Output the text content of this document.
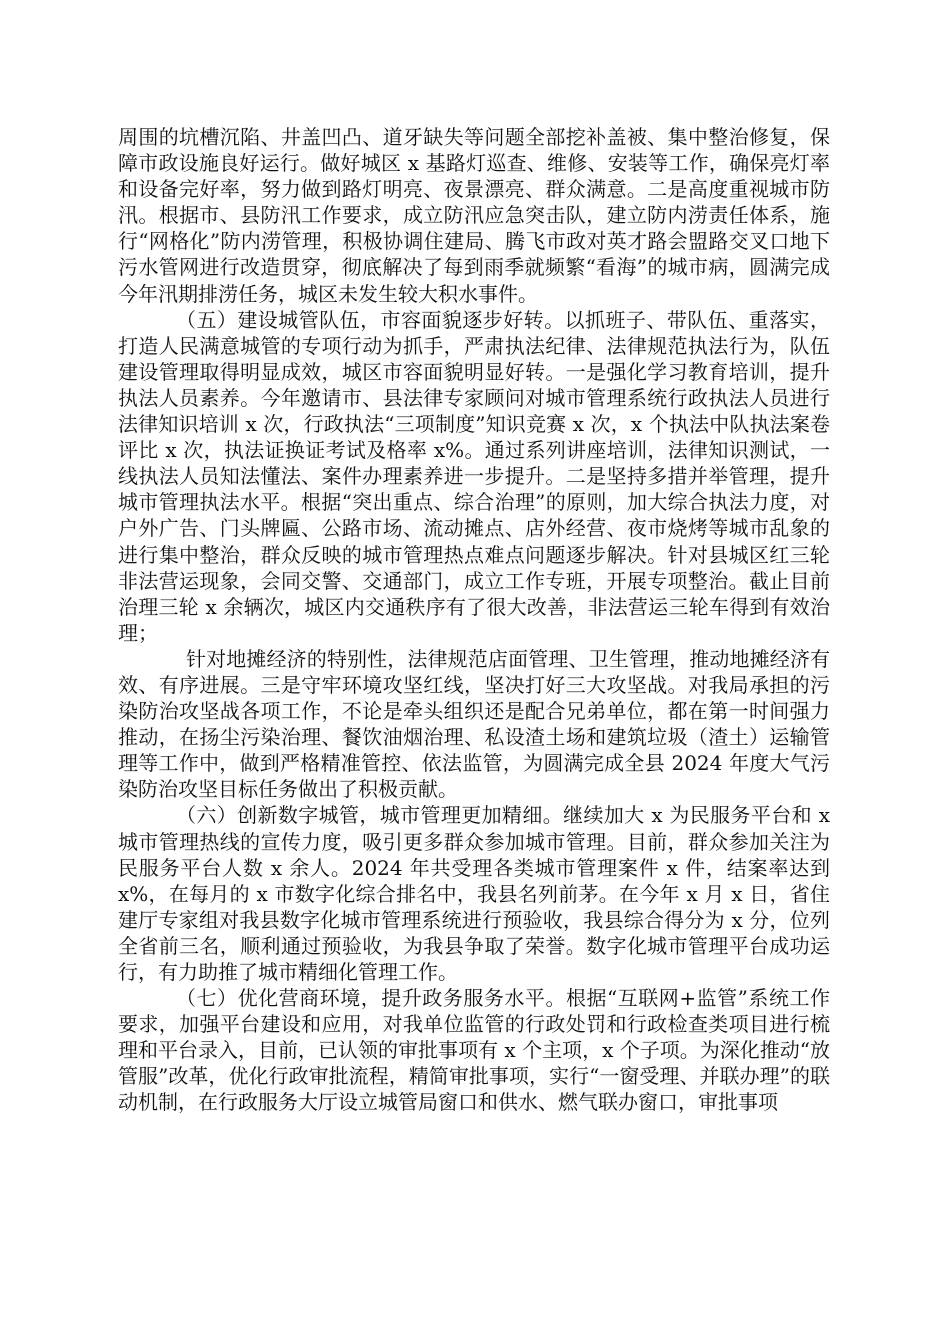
周围的坑槽沉陷、井盖凹凸、道牙缺失等问题全部挖补盖被、集中整治修复，保障市政设施良好运行。做好城区 x 基路灯巡查、维修、安装等工作，确保亮灯率和设备完好率，努力做到路灯明亮、夜景漂亮、群众满意。二是高度重视城市防汛。根据市、县防汛工作要求，成立防汛应急突击队，建立防内涝责任体系，施行“网格化”防内涝管理，积极协调住建局、腾飞市政对英才路会盟路交叉口地下污水管网进行改造贯穿，彻底解决了每到雨季就频繁“看海”的城市病，圆满完成今年汛期排涝任务，城区未发生较大积水事件。

（五）建设城管队伍，市容面貌逐步好转。以抓班子、带队伍、重落实，打造人民满意城管的专项行动为抓手，严肃执法纪律、法律规范执法行为，队伍建设管理取得明显成效，城区市容面貌明显好转。一是强化学习教育培训，提升执法人员素养。今年邀请市、县法律专家顾问对城市管理系统行政执法人员进行法律知识培训 x 次，行政执法“三项制度”知识竞赛 x 次，x 个执法中队执法案卷评比 x 次，执法证换证考试及格率 x%。通过系列讲座培训，法律知识测试，一线执法人员知法懂法、案件办理素养进一步提升。二是坚持多措并举管理，提升城市管理执法水平。根据“突出重点、综合治理”的原则，加大综合执法力度，对户外广告、门头牌匾、公路市场、流动摊点、店外经营、夜市烧烤等城市乱象的进行集中整治，群众反映的城市管理热点难点问题逐步解决。针对县城区红三轮非法营运现象，会同交警、交通部门，成立工作专班，开展专项整治。截止目前治理三轮 x 余辆次，城区内交通秩序有了很大改善，非法营运三轮车得到有效治理；

针对地摊经济的特别性，法律规范店面管理、卫生管理，推动地摊经济有效、有序进展。三是守牢环境攻坚红线，坚决打好三大攻坚战。对我局承担的污染防治攻坚战各项工作，不论是牵头组织还是配合兄弟单位，都在第一时间强力推动，在扬尘污染治理、餐饮油烟治理、私设渣土场和建筑垃圾（渣土）运输管理等工作中，做到严格精准管控、依法监管，为圆满完成全县 2024 年度大气污染防治攻坚目标任务做出了积极贡献。

（六）创新数字城管，城市管理更加精细。继续加大 x 为民服务平台和 x 城市管理热线的宣传力度，吸引更多群众参加城市管理。目前，群众参加关注为民服务平台人数 x 余人。2024 年共受理各类城市管理案件 x 件，结案率达到 x%，在每月的 x 市数字化综合排名中，我县名列前茅。在今年 x 月 x 日，省住建厅专家组对我县数字化城市管理系统进行预验收，我县综合得分为 x 分，位列全省前三名，顺利通过预验收，为我县争取了荣誉。数字化城市管理平台成功运行，有力助推了城市精细化管理工作。

（七）优化营商环境，提升政务服务水平。根据“互联网+监管”系统工作要求，加强平台建设和应用，对我单位监管的行政处罚和行政检查类项目进行梳理和平台录入，目前，已认领的审批事项有 x 个主项，x 个子项。为深化推动“放管服”改革，优化行政审批流程，精简审批事项，实行“一窗受理、并联办理”的联动机制，在行政服务大厅设立城管局窗口和供水、燃气联办窗口，审批事项
